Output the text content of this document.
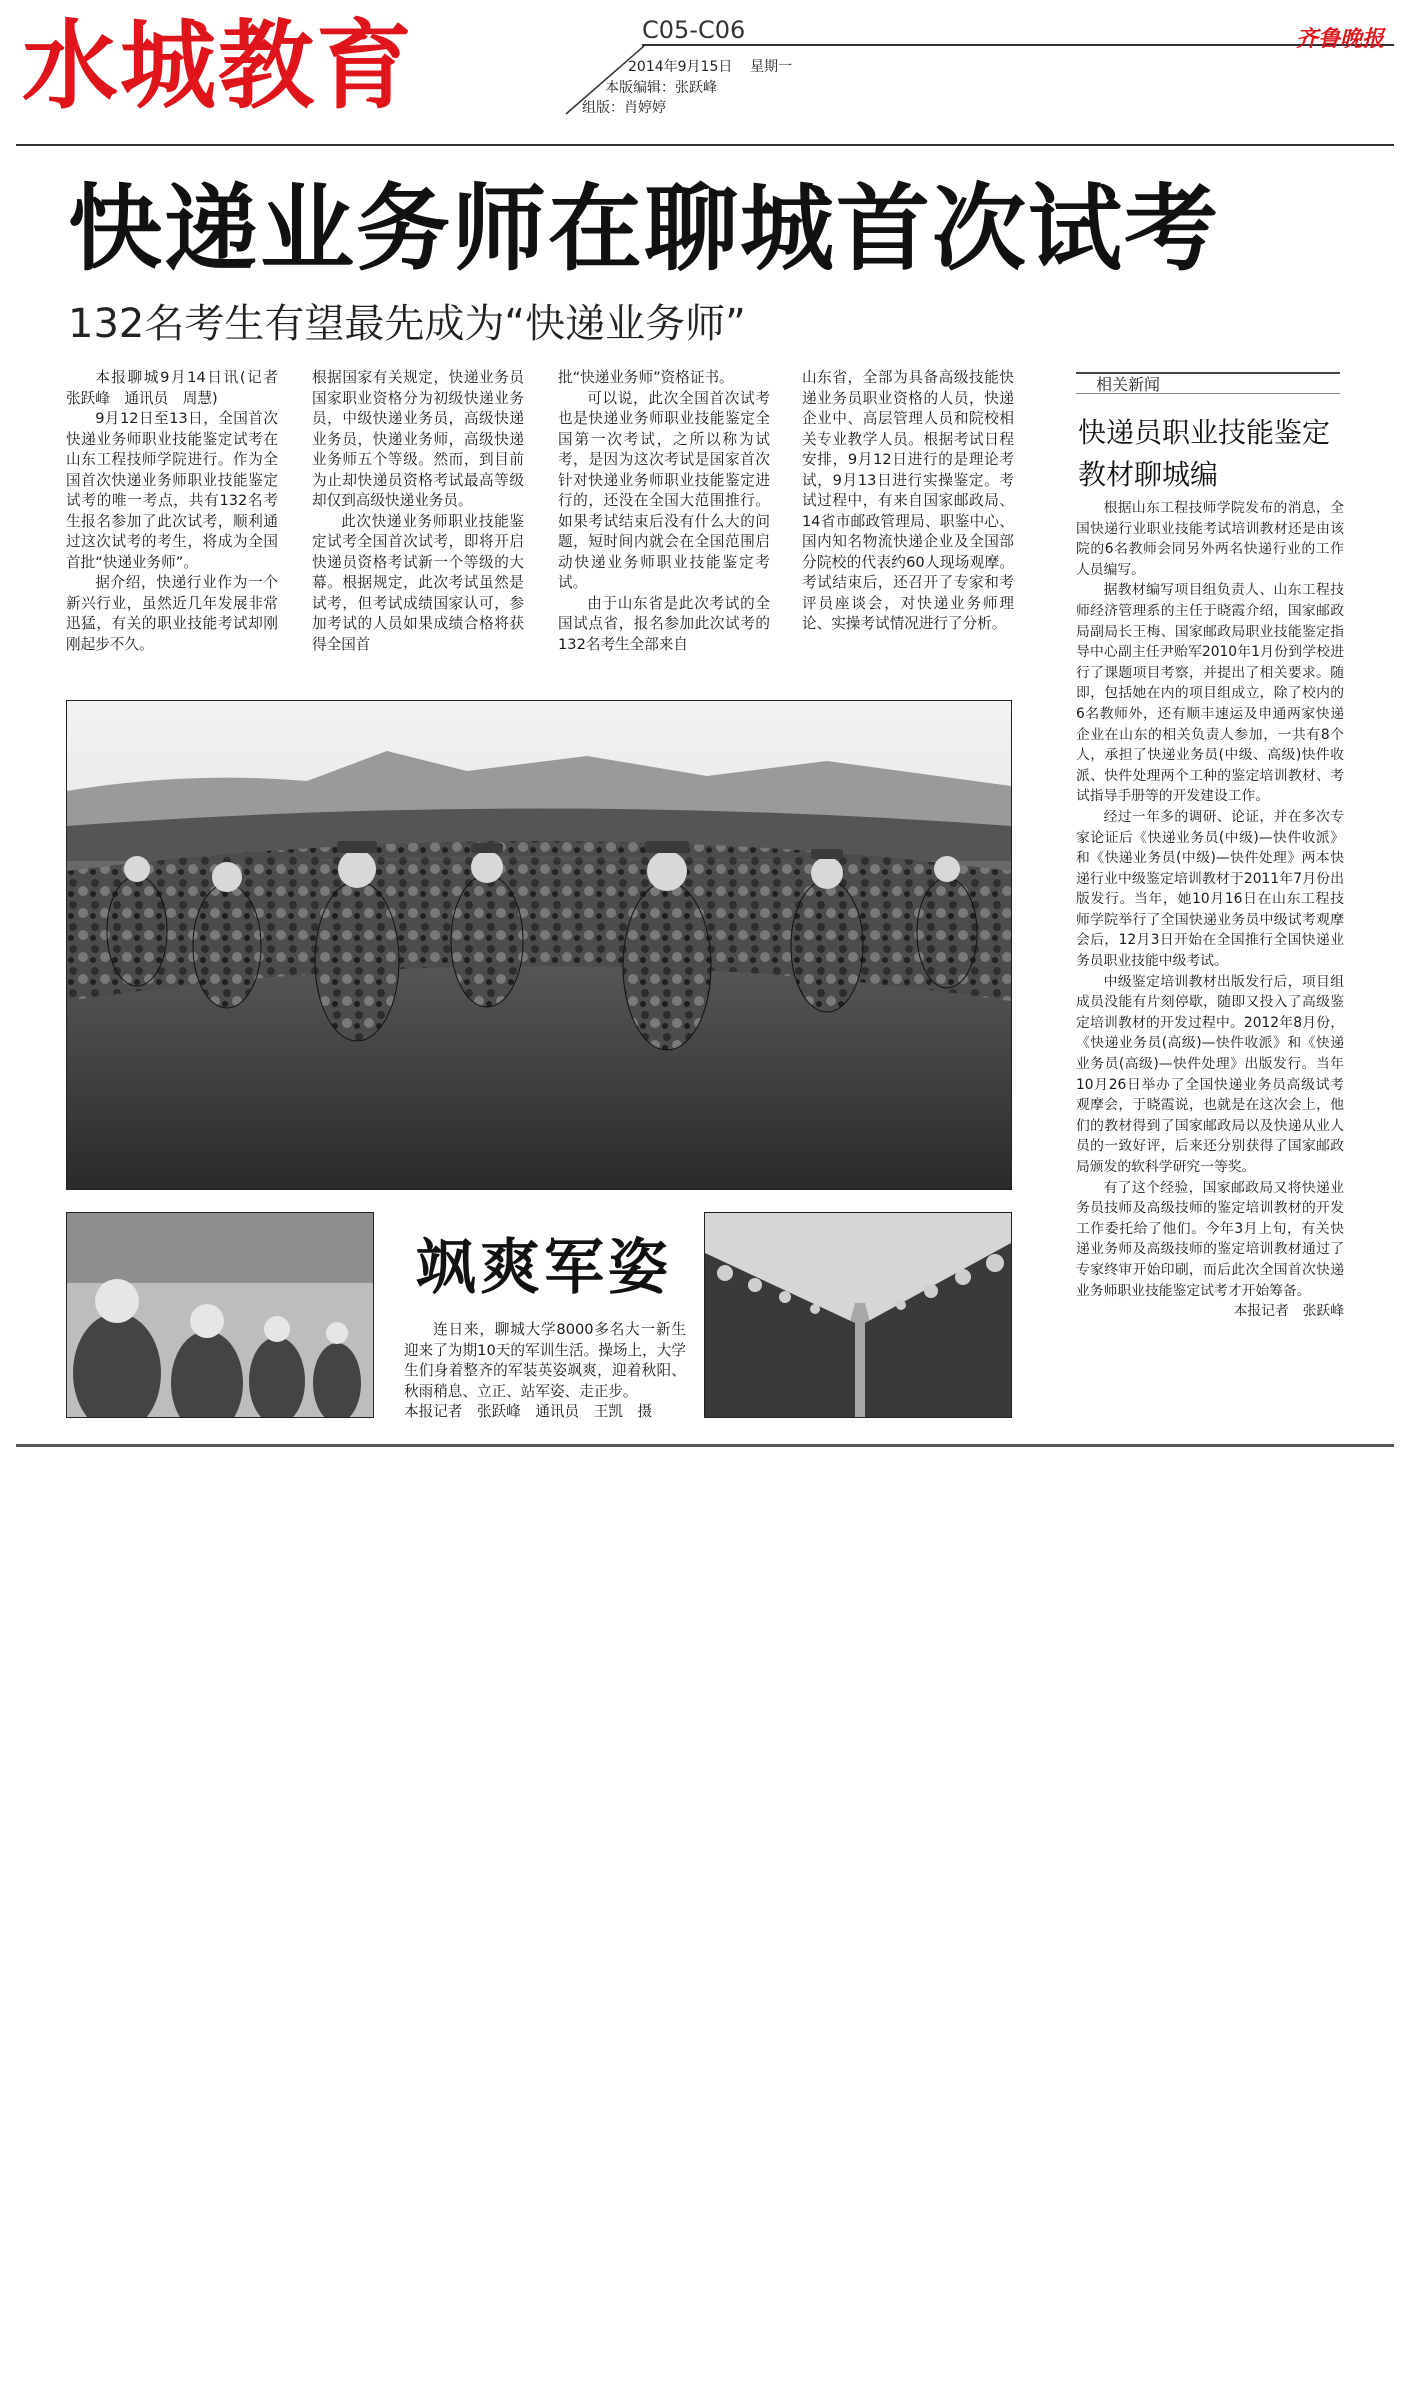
水城教育	C05-C06
2014年9月15日 星期一
本版编辑：张跃峰
组版：肖婷婷
齐鲁晚报
快递业务师在聊城首次试考
132名考生有望最先成为“快递业务师”

本报聊城9月14日讯(记者　张跃峰　通讯员　周慧)

9月12日至13日，全国首次快递业务师职业技能鉴定试考在山东工程技师学院进行。作为全国首次快递业务师职业技能鉴定试考的唯一考点，共有132名考生报名参加了此次试考，顺利通过这次试考的考生，将成为全国首批“快递业务师”。

据介绍，快递行业作为一个新兴行业，虽然近几年发展非常迅猛，有关的职业技能考试却刚刚起步不久。

根据国家有关规定，快递业务员国家职业资格分为初级快递业务员，中级快递业务员，高级快递业务员，快递业务师，高级快递业务师五个等级。然而，到目前为止却快递员资格考试最高等级却仅到高级快递业务员。

此次快递业务师职业技能鉴定试考全国首次试考，即将开启快递员资格考试新一个等级的大幕。根据规定，此次考试虽然是试考，但考试成绩国家认可，参加考试的人员如果成绩合格将获得全国首

批“快递业务师”资格证书。

可以说，此次全国首次试考也是快递业务师职业技能鉴定全国第一次考试，之所以称为试考，是因为这次考试是国家首次针对快递业务师职业技能鉴定进行的，还没在全国大范围推行。如果考试结束后没有什么大的问题，短时间内就会在全国范围启动快递业务师职业技能鉴定考试。

由于山东省是此次考试的全国试点省，报名参加此次试考的132名考生全部来自

山东省，全部为具备高级技能快递业务员职业资格的人员，快递企业中、高层管理人员和院校相关专业教学人员。根据考试日程安排，9月12日进行的是理论考试，9月13日进行实操鉴定。考试过程中，有来自国家邮政局、14省市邮政管理局、职鉴中心、国内知名物流快递企业及全国部分院校的代表约60人现场观摩。考试结束后，还召开了专家和考评员座谈会，对快递业务师理论、实操考试情况进行了分析。

相关新闻
快递员职业技能鉴定
教材聊城编

根据山东工程技师学院发布的消息，全国快递行业职业技能考试培训教材还是由该院的6名教师会同另外两名快递行业的工作人员编写。

据教材编写项目组负责人、山东工程技师经济管理系的主任于晓霞介绍，国家邮政局副局长王梅、国家邮政局职业技能鉴定指导中心副主任尹贻军2010年1月份到学校进行了课题项目考察，并提出了相关要求。随即，包括她在内的项目组成立，除了校内的6名教师外，还有顺丰速运及申通两家快递企业在山东的相关负责人参加，一共有8个人，承担了快递业务员(中级、高级)快件收派、快件处理两个工种的鉴定培训教材、考试指导手册等的开发建设工作。

经过一年多的调研、论证，并在多次专家论证后《快递业务员(中级)—快件收派》和《快递业务员(中级)—快件处理》两本快递行业中级鉴定培训教材于2011年7月份出版发行。当年，她10月16日在山东工程技师学院举行了全国快递业务员中级试考观摩会后，12月3日开始在全国推行全国快递业务员职业技能中级考试。

中级鉴定培训教材出版发行后，项目组成员没能有片刻停歇，随即又投入了高级鉴定培训教材的开发过程中。2012年8月份，《快递业务员(高级)—快件收派》和《快递业务员(高级)—快件处理》出版发行。当年10月26日举办了全国快递业务员高级试考观摩会，于晓霞说，也就是在这次会上，他们的教材得到了国家邮政局以及快递从业人员的一致好评，后来还分别获得了国家邮政局颁发的软科学研究一等奖。

有了这个经验，国家邮政局又将快递业务员技师及高级技师的鉴定培训教材的开发工作委托给了他们。今年3月上旬，有关快递业务师及高级技师的鉴定培训教材通过了专家终审开始印刷，而后此次全国首次快递业务师职业技能鉴定试考才开始筹备。

本报记者　张跃峰

飒爽军姿

连日来，聊城大学8000多名大一新生迎来了为期10天的军训生活。操场上，大学生们身着整齐的军装英姿飒爽，迎着秋阳、秋雨稍息、立正、站军姿、走正步。

本报记者　张跃峰　通讯员　王凯　摄
